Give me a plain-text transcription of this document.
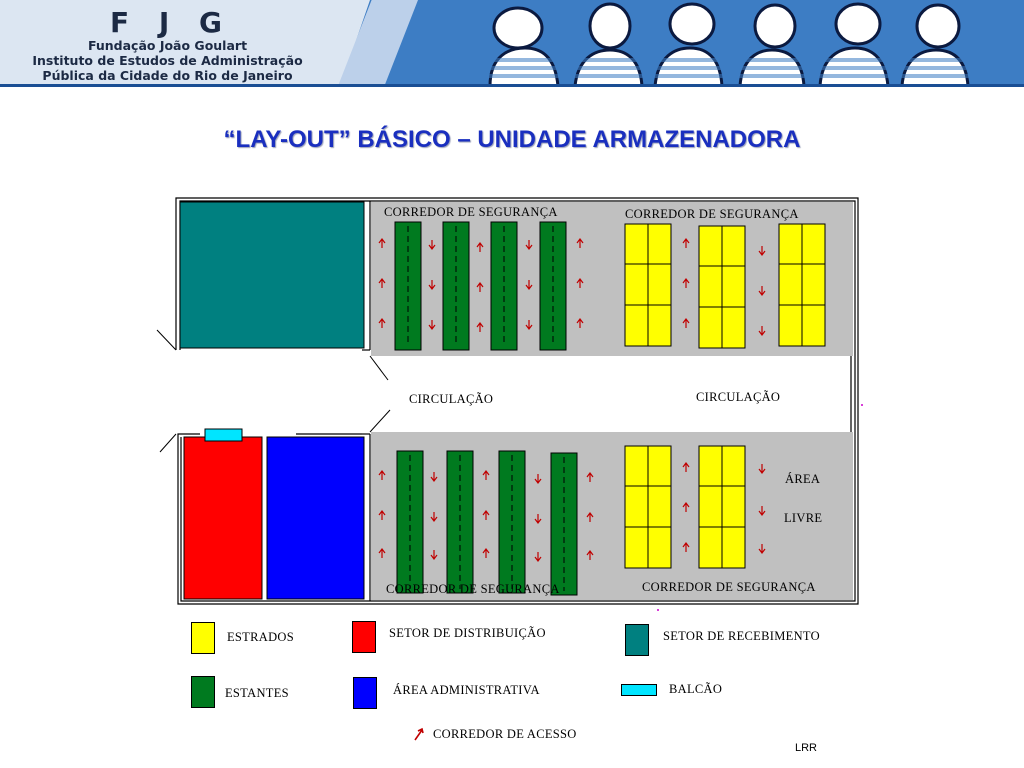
F J G
Fundação João Goulart
Instituto de Estudos de Administração
Pública da Cidade do Rio de Janeiro
“LAY-OUT” BÁSICO – UNIDADE ARMAZENADORA
CORREDOR DE SEGURANÇA	CORREDOR DE SEGURANÇA
CIRCULAÇÃO	CIRCULAÇÃO
ÁREA
LIVRE
CORREDOR DE SEGURANÇA	CORREDOR DE SEGURANÇA
ESTRADOS	SETOR DE DISTRIBUIÇÃO	SETOR DE RECEBIMENTO
ESTANTES	ÁREA ADMINISTRATIVA	BALCÃO
CORREDOR DE ACESSO
LRR
